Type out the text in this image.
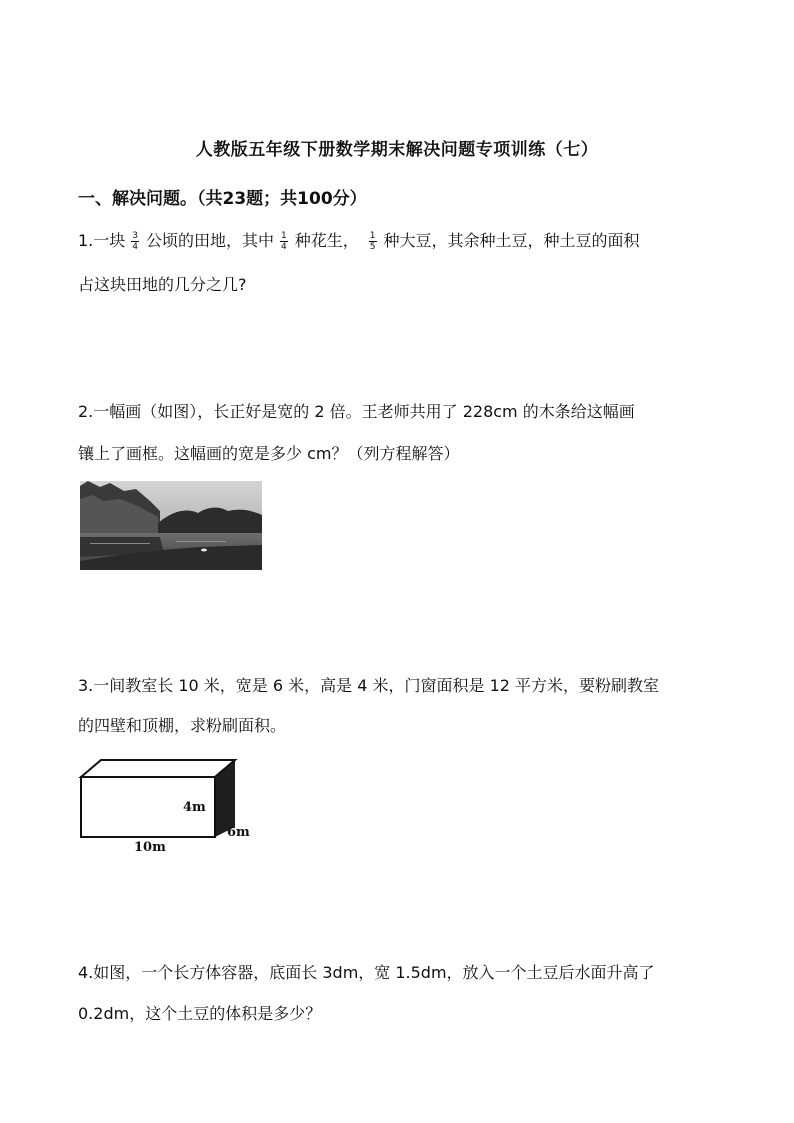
人教版五年级下册数学期末解决问题专项训练（七）
一、解决问题。（共23题；共100分）
1.一块 $\frac{3}{4}$ 公顷的田地，其中 $\frac{1}{4}$ 种花生， $\frac{1}{5}$ 种大豆，其余种土豆，种土豆的面积
占这块田地的几分之几?
2.一幅画（如图），长正好是宽的 2 倍。王老师共用了 228cm 的木条给这幅画
镶上了画框。这幅画的宽是多少 cm？（列方程解答）
3.一间教室长 10 米，宽是 6 米，高是 4 米，门窗面积是 12 平方米，要粉刷教室
的四壁和顶棚，求粉刷面积。
4m
6m
10m
4.如图，一个长方体容器，底面长 3dm，宽 1.5dm，放入一个土豆后水面升高了
0.2dm，这个土豆的体积是多少？
